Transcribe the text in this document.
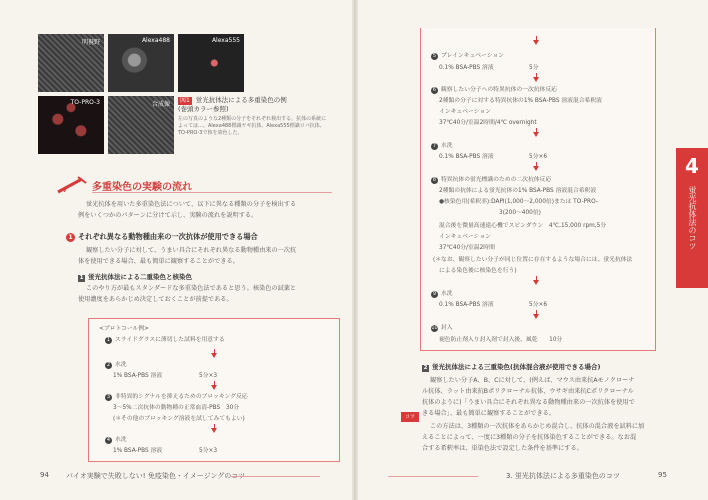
明視野	Alexa488
TO-PRO-3	合成像
Alexa555
図1 蛍光抗体法による多重染色の例
(巻頭カラー参照)
左の写真のような2種類の分子をそれぞれ検出する。抗体の系統によっては…。Alexa488標識ヤギ抗体、Alexa555標識ロバ抗体、TO-PRO-3で核を染色した。
多重染色の実験の流れ
蛍光抗体を用いた多重染色法について、以下に異なる種類の分子を検出する
例をいくつかのパターンに分けて示し、実験の流れを説明する。
1 それぞれ異なる動物種由来の一次抗体が使用できる場合
観察したい分子に対して、うまい具合にそれぞれ異なる動物種由来の一次抗
体を使用できる場合、最も簡単に観察することができる。
1 蛍光抗体法による二重染色と核染色
このやり方が最もスタンダードな多重染色法であると思う。核染色の試薬と
使用濃度をあらかじめ決定しておくことが前提である。
<プロトコール例>
1 スライドグラスに薄切した試料を用意する
2 水洗
1% BSA-PBS 溶液	5分×3
3 非特異的シグナルを抑えるためのブロッキング反応
3～5%二次抗体の動物種の正常血清-PBS　30分
(＊その他のブロッキング溶液を試してみてもよい)
4 水洗
1% BSA-PBS 溶液	5分×3
94 バイオ実験で失敗しない! 免疫染色・イメージングのコツ
5 プレインキュベーション
0.1% BSA-PBS 溶液	5分
6 観察したい分子への特異抗体の一次抗体反応
2種類の分子に対する特異抗体の1% BSA-PBS 溶液混合希釈液
インキュベーション
37℃40分/室温2時間/4℃ overnight
7 水洗
0.1% BSA-PBS 溶液	5分×6
8 特異抗体の蛍光標識のための二次抗体反応
2種類の抗体による蛍光抗体の1% BSA-PBS 溶液混合希釈液
●核染色用(希釈率):DAPI(1,000～2,000倍)または TO-PRO-
3(200～400倍)
混合後を微量高速遠心機でスピンダウン　4℃,15,000 rpm,5分
インキュベーション
37℃40分/室温2時間
(＊なお、観察したい分子が同じ位置に存在するような場合には、蛍光抗体法
による染色後に核染色を行う)
9 水洗
0.1% BSA-PBS 溶液	5分×6
10 封入
褪色防止剤入り封入剤で封入後、風乾　　10分
4
蛍光抗体法のコツ
2 蛍光抗体法による三重染色(抗体混合液が使用できる場合)
観察したい分子A、B、Cに対して、(例えば、マウス由来抗Aモノクローナ
ル抗体、ラット由来抗Bポリクローナル抗体、ウサギ由来抗Cポリクローナル
抗体のように)「うまい具合にそれぞれ異なる動物種由来の一次抗体を使用で
きる場合」、最も簡単に観察することができる。
この方法は、3種類の一次抗体をあらかじめ混合し、抗体の混合液を試料に加
えることによって、一度に3種類の分子を抗体染色することができる。なお混
合する希釈率は、単染色法で設定した条件を基準にする。
コツ
3. 蛍光抗体法による多重染色のコツ	95
